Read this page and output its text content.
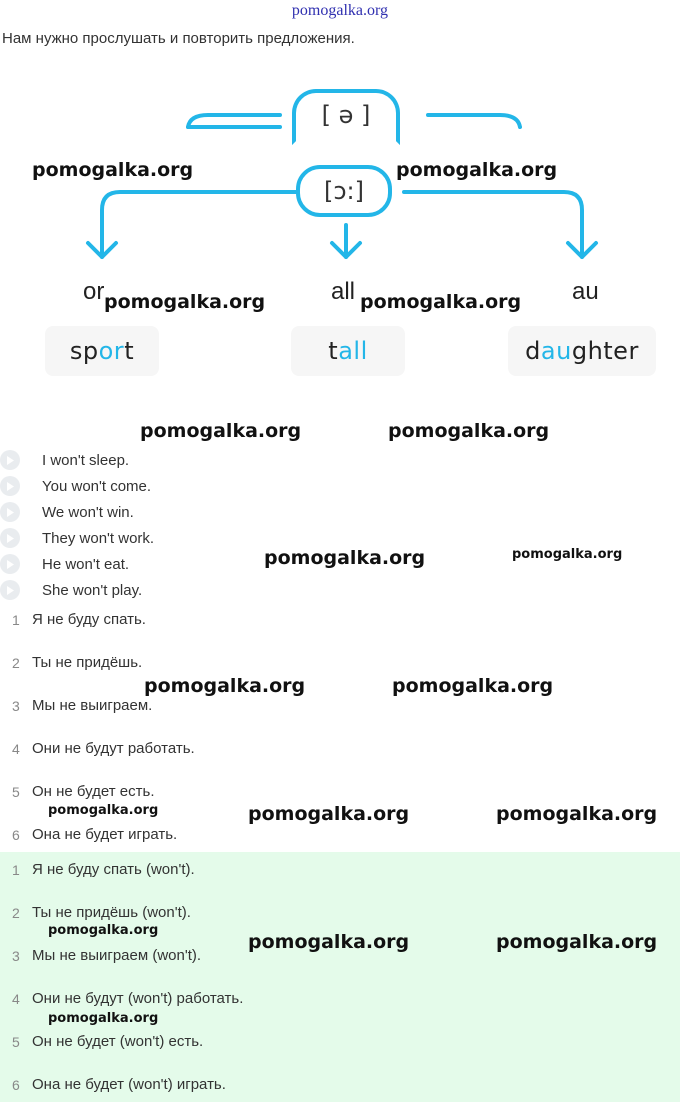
pomogalka.org
Нам нужно прослушать и повторить предложения.
[ ə ]
[ɔ:]
or	all	au
sport	tall	daughter
I won't sleep.
You won't come.
We won't win.
They won't work.
He won't eat.
She won't play.
1 Я не буду спать.
2 Ты не придёшь.
3 Мы не выиграем.
4 Они не будут работать.
5 Он не будет есть.
6 Она не будет играть.
1 Я не буду спать (won't).
2 Ты не придёшь (won't).
3 Мы не выиграем (won't).
4 Они не будут (won't) работать.
5 Он не будет (won't) есть.
6 Она не будет (won't) играть.
pomogalka.org	pomogalka.org
pomogalka.org	pomogalka.org
pomogalka.org	pomogalka.org
pomogalka.org	pomogalka.org
pomogalka.org	pomogalka.org
pomogalka.org	pomogalka.org	pomogalka.org
pomogalka.org
pomogalka.org	pomogalka.org
pomogalka.org
